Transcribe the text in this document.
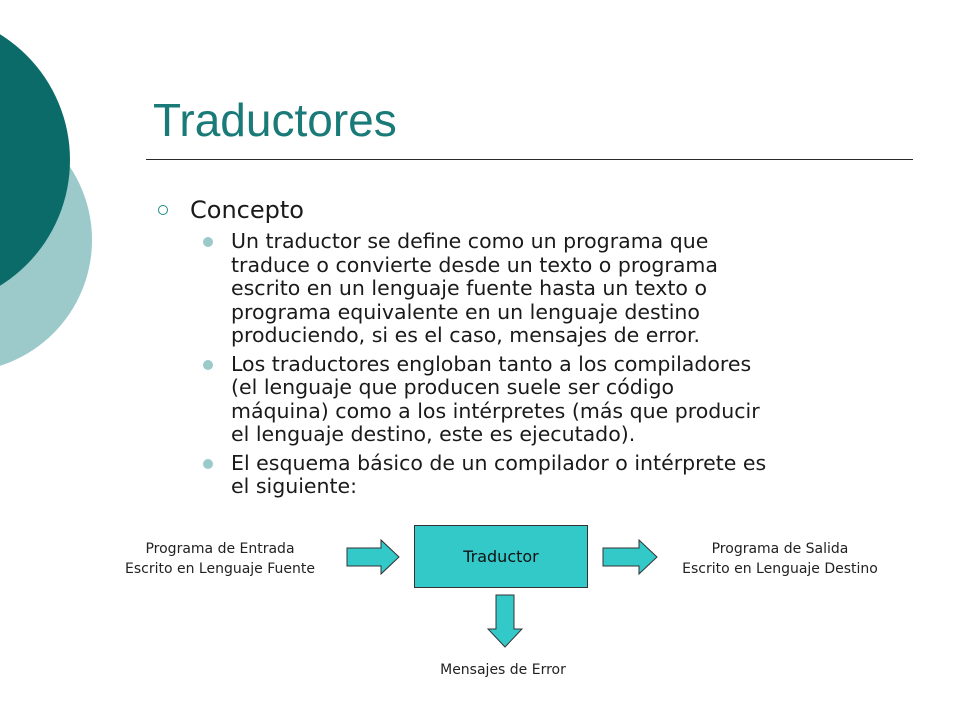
Traductores
Concepto
Un traductor se define como un programa que
traduce o convierte desde un texto o programa
escrito en un lenguaje fuente hasta un texto o
programa equivalente en un lenguaje destino
produciendo, si es el caso, mensajes de error.
Los traductores engloban tanto a los compiladores
(el lenguaje que producen suele ser código
máquina) como a los intérpretes (más que producir
el lenguaje destino, este es ejecutado).
El esquema básico de un compilador o intérprete es
el siguiente:
Programa de Entrada
Escrito en Lenguaje Fuente
Traductor	Programa de Salida
Escrito en Lenguaje Destino
Mensajes de Error
